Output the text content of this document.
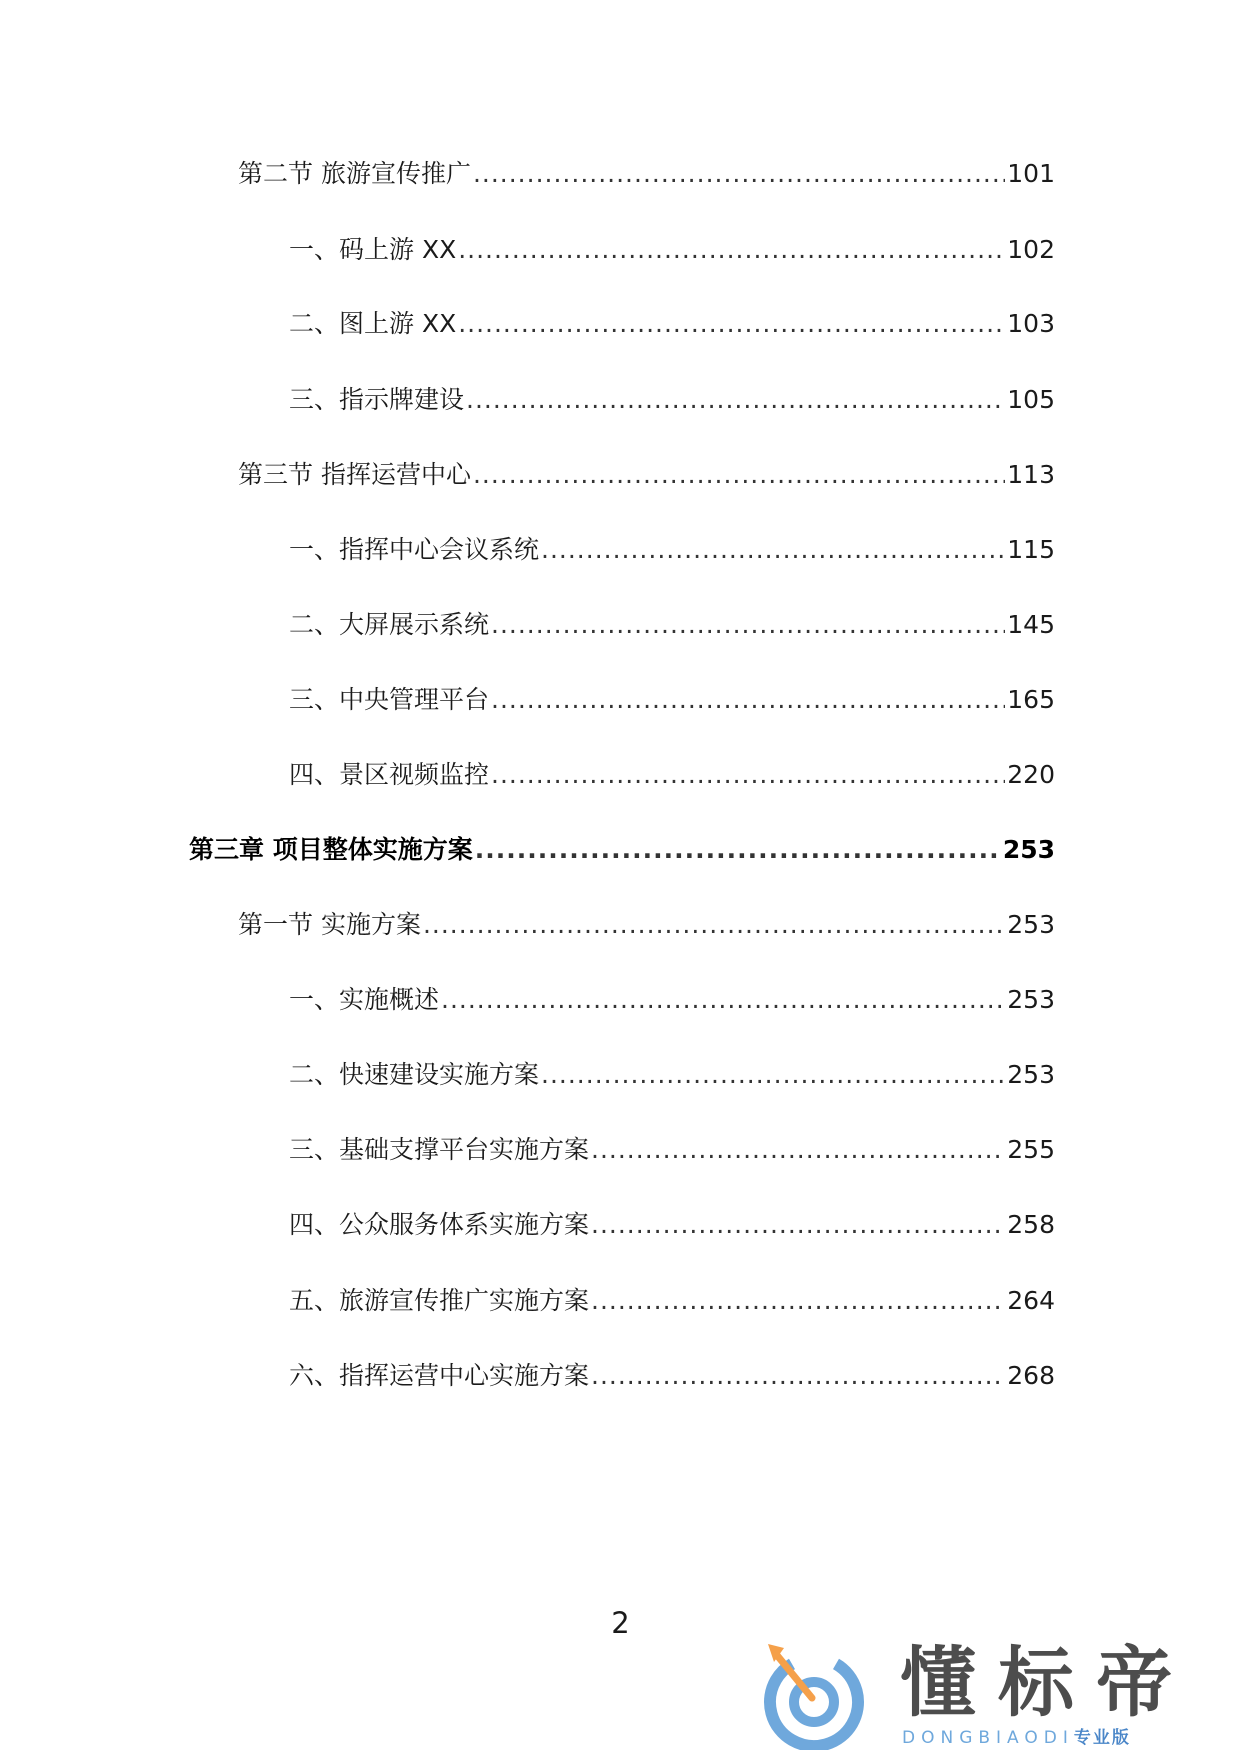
第二节 旅游宣传推广 .....	101
一、码上游 XX .....	102
二、图上游 XX .....	103
三、指示牌建设 .....	105
第三节 指挥运营中心 .....	113
一、指挥中心会议系统 .....	115
二、大屏展示系统 .....	145
三、中央管理平台 .....	165
四、景区视频监控 .....	220
第三章 项目整体实施方案 .....	253
第一节 实施方案 .....	253
一、实施概述 .....	253
二、快速建设实施方案 .....	253
三、基础支撑平台实施方案 .....	255
四、公众服务体系实施方案 .....	258
五、旅游宣传推广实施方案 .....	264
六、指挥运营中心实施方案 .....	268
2
懂标帝
DONGBIAODI专业版
